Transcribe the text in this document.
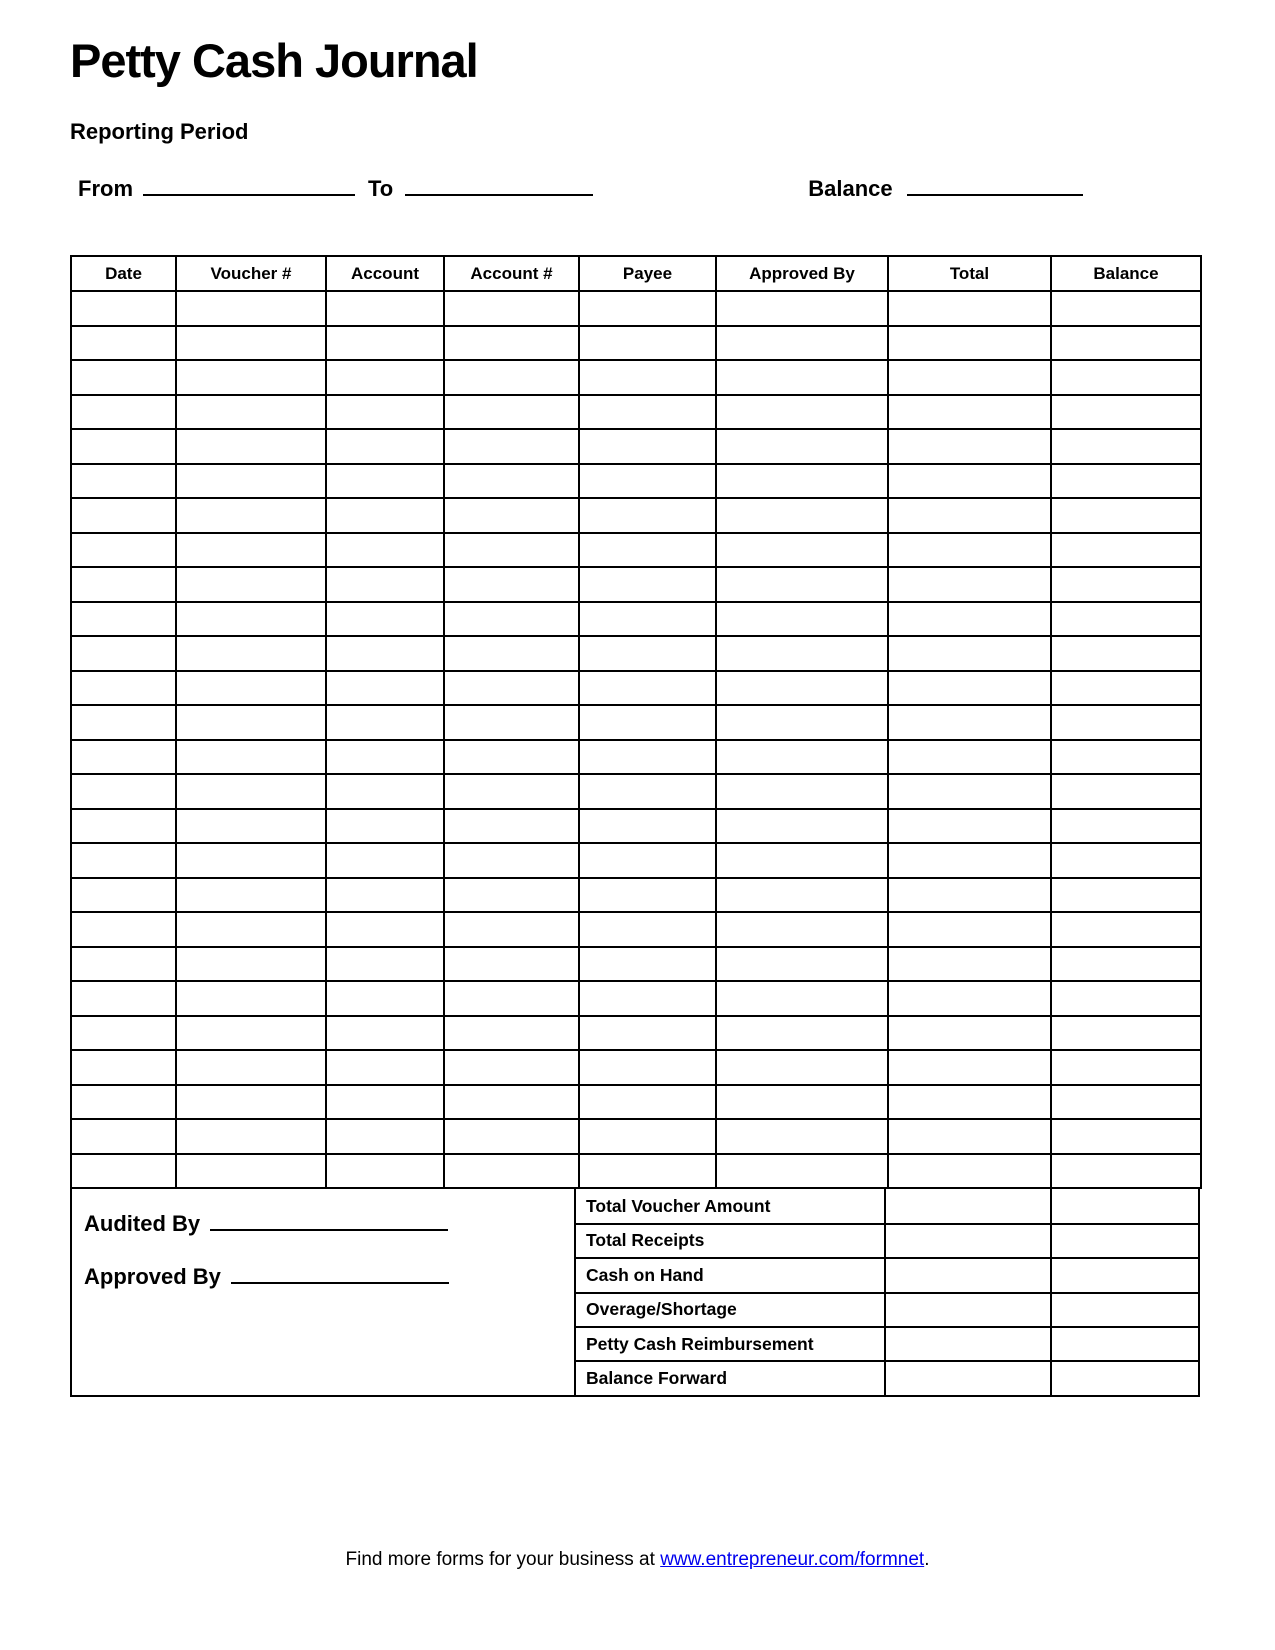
Petty Cash Journal
Reporting Period
From	To	Balance
Date	Voucher #	Account	Account #	Payee	Approved By	Total	Balance

Audited By
Approved By
Total Voucher Amount		
Total Receipts		
Cash on Hand		
Overage/Shortage		
Petty Cash Reimbursement		
Balance Forward		
Find more forms for your business at www.entrepreneur.com/formnet.
